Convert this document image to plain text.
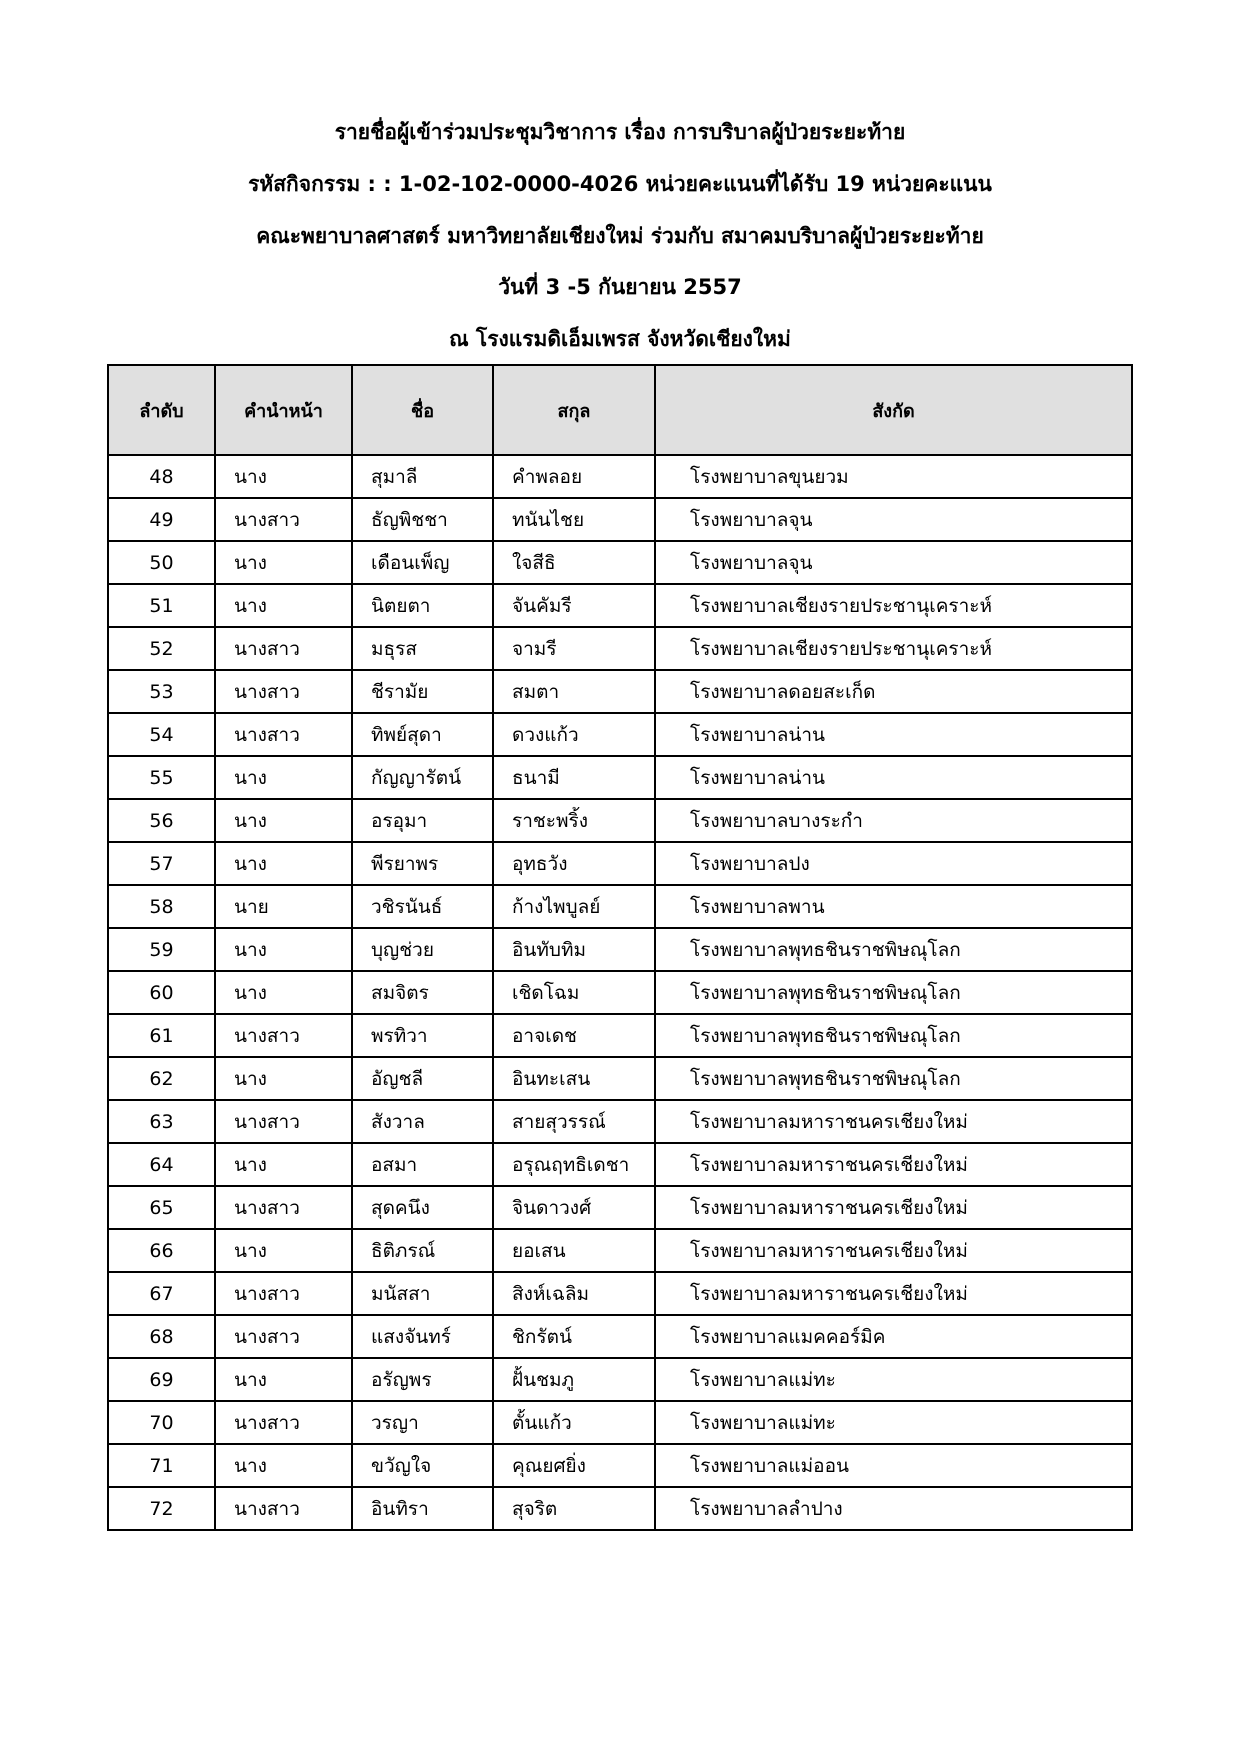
รายชื่อผู้เข้าร่วมประชุมวิชาการ เรื่อง การบริบาลผู้ป่วยระยะท้าย

รหัสกิจกรรม : : 1-02-102-0000-4026 หน่วยคะแนนที่ได้รับ 19 หน่วยคะแนน

คณะพยาบาลศาสตร์ มหาวิทยาลัยเชียงใหม่ ร่วมกับ สมาคมบริบาลผู้ป่วยระยะท้าย

วันที่ 3 -5 กันยายน 2557

ณ โรงแรมดิเอ็มเพรส จังหวัดเชียงใหม่

ลำดับ	คำนำหน้า	ชื่อ	สกุล	สังกัด
48	นาง	สุมาลี	คำพลอย	โรงพยาบาลขุนยวม
49	นางสาว	ธัญพิชชา	ทนันไชย	โรงพยาบาลจุน
50	นาง	เดือนเพ็ญ	ใจสีธิ	โรงพยาบาลจุน
51	นาง	นิตยตา	จันคัมรี	โรงพยาบาลเชียงรายประชานุเคราะห์
52	นางสาว	มธุรส	จามรี	โรงพยาบาลเชียงรายประชานุเคราะห์
53	นางสาว	ชีรามัย	สมตา	โรงพยาบาลดอยสะเก็ด
54	นางสาว	ทิพย์สุดา	ดวงแก้ว	โรงพยาบาลน่าน
55	นาง	กัญญารัตน์	ธนามี	โรงพยาบาลน่าน
56	นาง	อรอุมา	ราชะพริ้ง	โรงพยาบาลบางระกำ
57	นาง	พีรยาพร	อุทธวัง	โรงพยาบาลปง
58	นาย	วชิรนันธ์	ก้างไพบูลย์	โรงพยาบาลพาน
59	นาง	บุญช่วย	อินทับทิม	โรงพยาบาลพุทธชินราชพิษณุโลก
60	นาง	สมจิตร	เชิดโฉม	โรงพยาบาลพุทธชินราชพิษณุโลก
61	นางสาว	พรทิวา	อาจเดช	โรงพยาบาลพุทธชินราชพิษณุโลก
62	นาง	อัญชลี	อินทะเสน	โรงพยาบาลพุทธชินราชพิษณุโลก
63	นางสาว	สังวาล	สายสุวรรณ์	โรงพยาบาลมหาราชนครเชียงใหม่
64	นาง	อสมา	อรุณฤทธิเดชา	โรงพยาบาลมหาราชนครเชียงใหม่
65	นางสาว	สุดคนึง	จินดาวงศ์	โรงพยาบาลมหาราชนครเชียงใหม่
66	นาง	ธิติภรณ์	ยอเสน	โรงพยาบาลมหาราชนครเชียงใหม่
67	นางสาว	มนัสสา	สิงห์เฉลิม	โรงพยาบาลมหาราชนครเชียงใหม่
68	นางสาว	แสงจันทร์	ชิกรัตน์	โรงพยาบาลแมคคอร์มิค
69	นาง	อรัญพร	ฝั้นชมภู	โรงพยาบาลแม่ทะ
70	นางสาว	วรญา	ตั้นแก้ว	โรงพยาบาลแม่ทะ
71	นาง	ขวัญใจ	คุณยศยิ่ง	โรงพยาบาลแม่ออน
72	นางสาว	อินทิรา	สุจริต	โรงพยาบาลลำปาง
